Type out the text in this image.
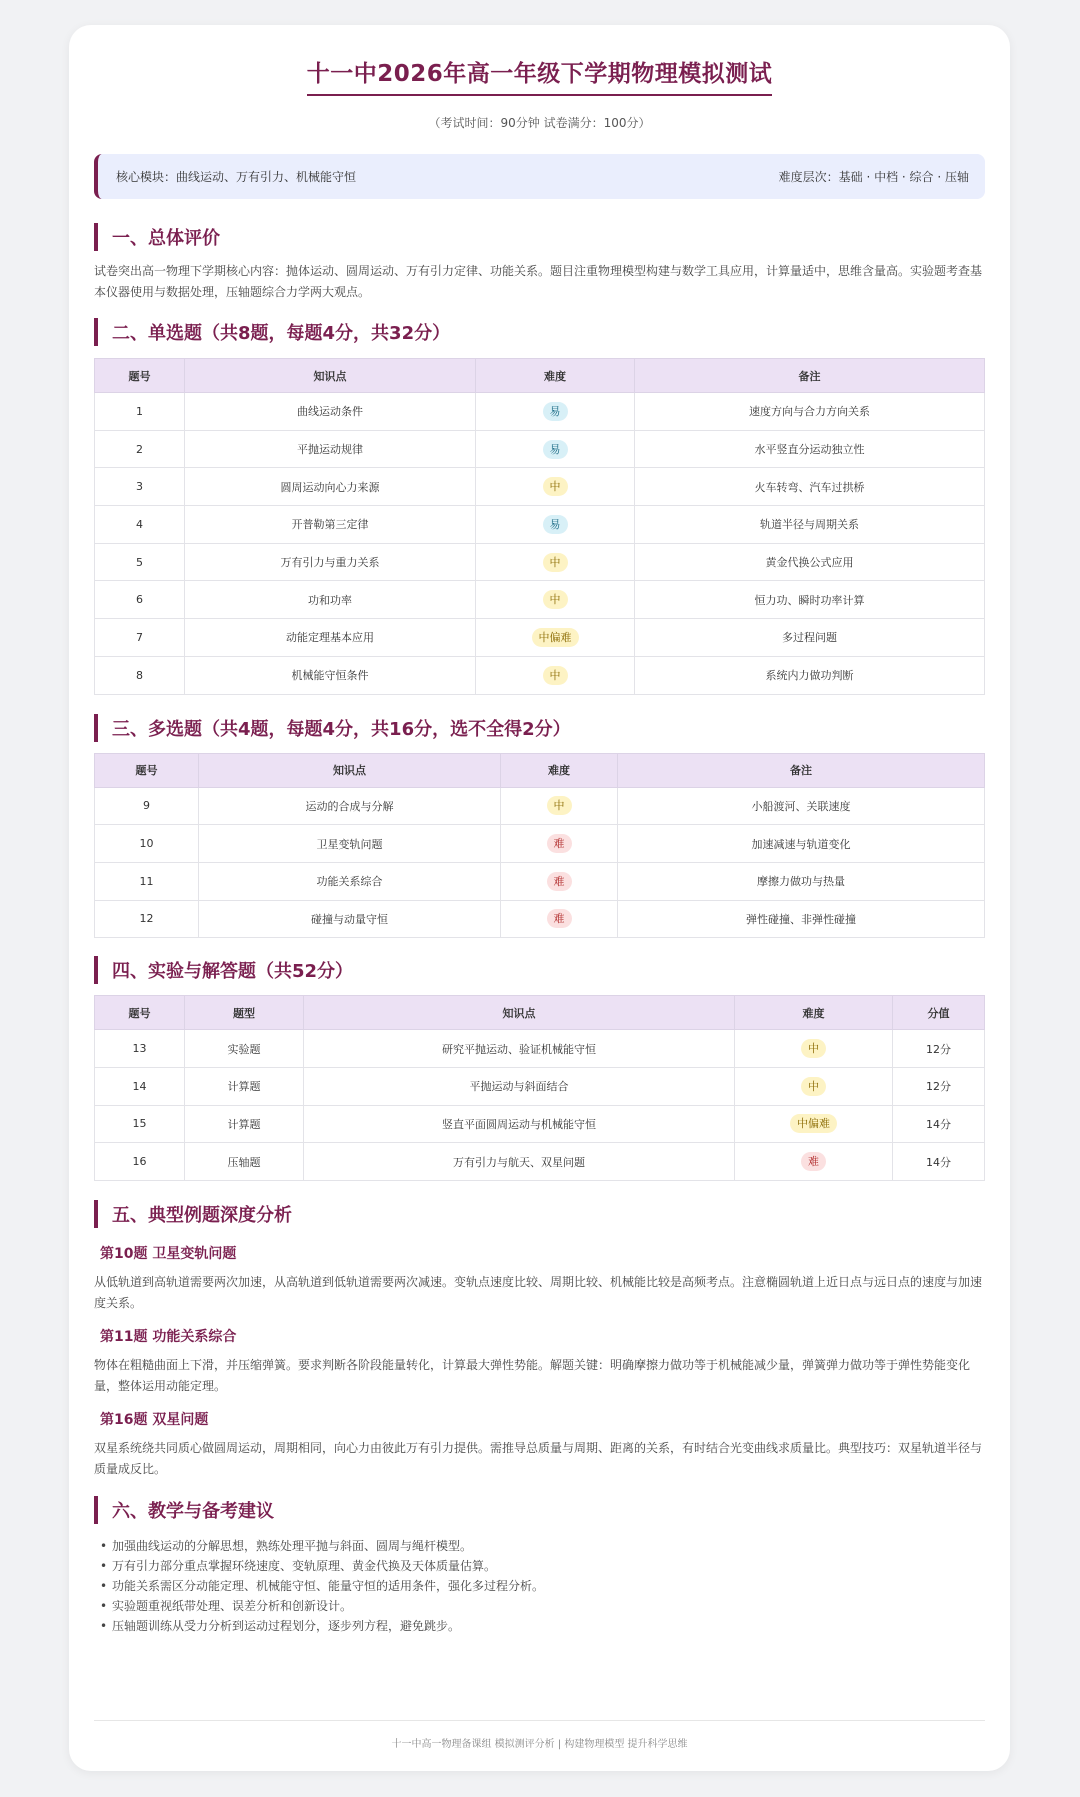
十一中2026年高一年级下学期物理模拟测试
（考试时间：90分钟 试卷满分：100分）
核心模块：曲线运动、万有引力、机械能守恒	难度层次：基础 · 中档 · 综合 · 压轴
一、总体评价

试卷突出高一物理下学期核心内容：抛体运动、圆周运动、万有引力定律、功能关系。题目注重物理模型构建与数学工具应用，计算量适中，思维含量高。实验题考查基本仪器使用与数据处理，压轴题综合力学两大观点。

二、单选题（共8题，每题4分，共32分）
题号	知识点	难度	备注
1	曲线运动条件	易	速度方向与合力方向关系
2	平抛运动规律	易	水平竖直分运动独立性
3	圆周运动向心力来源	中	火车转弯、汽车过拱桥
4	开普勒第三定律	易	轨道半径与周期关系
5	万有引力与重力关系	中	黄金代换公式应用
6	功和功率	中	恒力功、瞬时功率计算
7	动能定理基本应用	中偏难	多过程问题
8	机械能守恒条件	中	系统内力做功判断
三、多选题（共4题，每题4分，共16分，选不全得2分）
题号	知识点	难度	备注
9	运动的合成与分解	中	小船渡河、关联速度
10	卫星变轨问题	难	加速减速与轨道变化
11	功能关系综合	难	摩擦力做功与热量
12	碰撞与动量守恒	难	弹性碰撞、非弹性碰撞
四、实验与解答题（共52分）
题号	题型	知识点	难度	分值
13	实验题	研究平抛运动、验证机械能守恒	中	12分
14	计算题	平抛运动与斜面结合	中	12分
15	计算题	竖直平面圆周运动与机械能守恒	中偏难	14分
16	压轴题	万有引力与航天、双星问题	难	14分
五、典型例题深度分析
第10题 卫星变轨问题

从低轨道到高轨道需要两次加速，从高轨道到低轨道需要两次减速。变轨点速度比较、周期比较、机械能比较是高频考点。注意椭圆轨道上近日点与远日点的速度与加速度关系。

第11题 功能关系综合

物体在粗糙曲面上下滑，并压缩弹簧。要求判断各阶段能量转化，计算最大弹性势能。解题关键：明确摩擦力做功等于机械能减少量，弹簧弹力做功等于弹性势能变化量，整体运用动能定理。

第16题 双星问题

双星系统绕共同质心做圆周运动，周期相同，向心力由彼此万有引力提供。需推导总质量与周期、距离的关系，有时结合光变曲线求质量比。典型技巧：双星轨道半径与质量成反比。

六、教学与备考建议
• 加强曲线运动的分解思想，熟练处理平抛与斜面、圆周与绳杆模型。
• 万有引力部分重点掌握环绕速度、变轨原理、黄金代换及天体质量估算。
• 功能关系需区分动能定理、机械能守恒、能量守恒的适用条件，强化多过程分析。
• 实验题重视纸带处理、误差分析和创新设计。
• 压轴题训练从受力分析到运动过程划分，逐步列方程，避免跳步。
十一中高一物理备课组 模拟测评分析 | 构建物理模型 提升科学思维
